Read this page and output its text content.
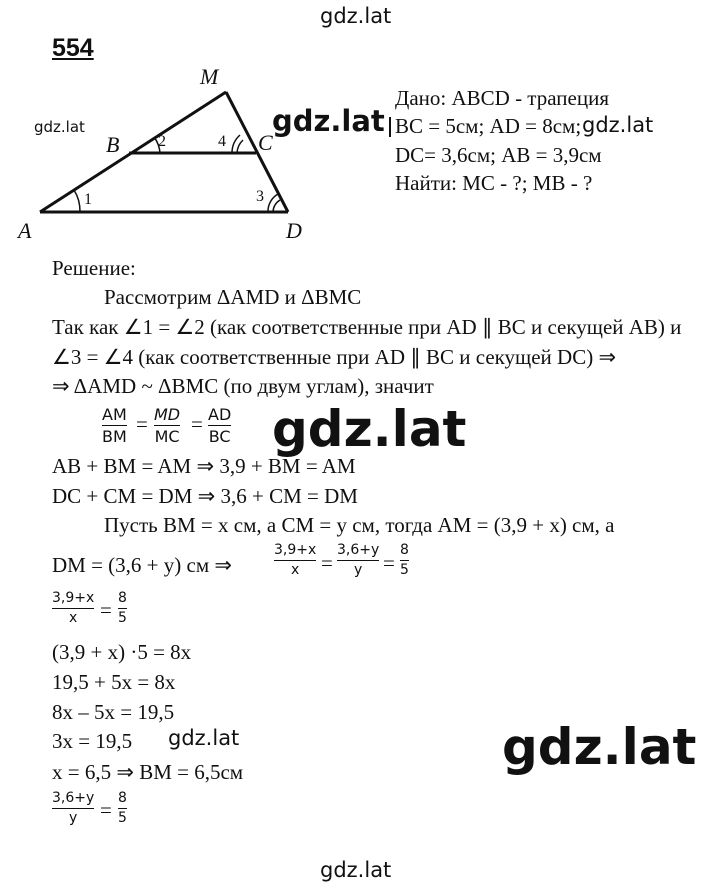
gdz.lat
554
M
B	C
A	D
1
2
3
4
gdz.lat
Дано: ABCD - трапеция
gdz.lat BC = 5см; AD = 8см; gdz.lat
DC= 3,6см; AB = 3,9см
Найти: MC - ?; MB - ?
Решение:
Рассмотрим ΔAMD и ΔBMC
Так как ∠1 = ∠2 (как соответственные при AD ∥ BC и секущей AB) и
∠3 = ∠4 (как соответственные при AD ∥ BC и секущей DC) ⇒
⇒ ΔAMD ~ ΔBMC (по двум углам), значит
AM
BM
= MD
MC
= AD
BC gdz.lat
AB + BM = AM ⇒ 3,9 + BM = AM
DC + CM = DM ⇒ 3,6 + CM = DM
Пусть BM = x см, а CM = y см, тогда AM = (3,9 + x) см, а
DM = (3,6 + y) см ⇒
3,9+x
x =
3,6+y
y =
8
5
3,9+x
x = 8
5
(3,9 + x) ·5 = 8x
19,5 + 5x = 8x
8x – 5x = 19,5
3x = 19,5 gdz.lat	gdz.lat
x = 6,5 ⇒ BM = 6,5см
3,6+y
y = 8
5
gdz.lat
